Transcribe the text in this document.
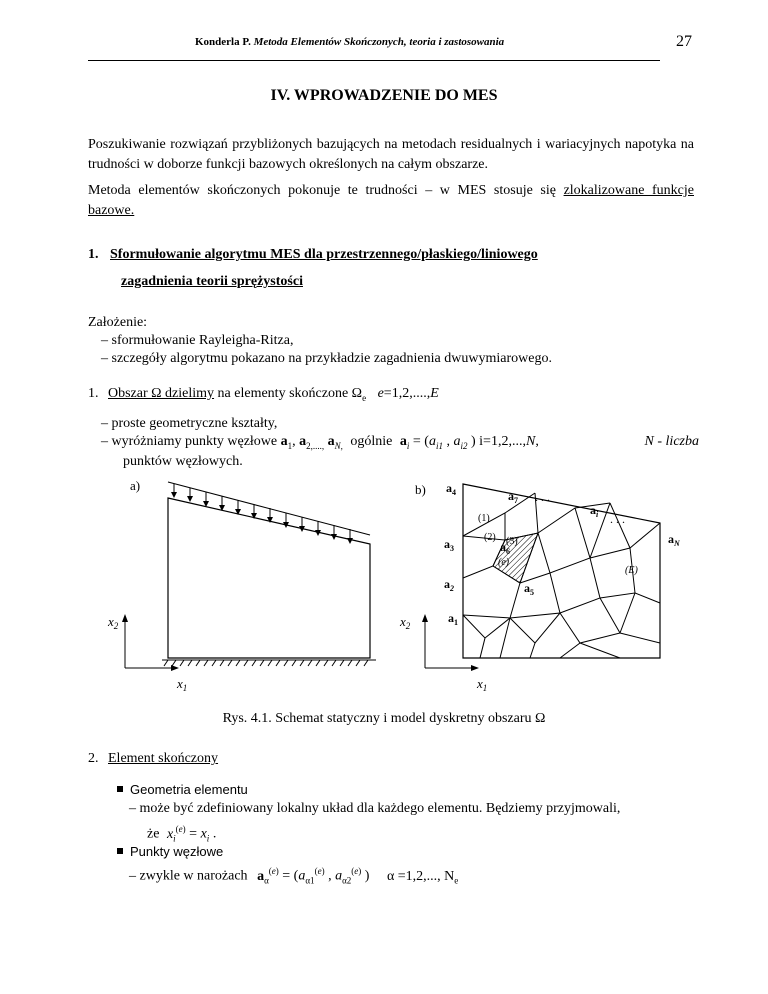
Konderla P. Metoda Elementów Skończonych, teoria i zastosowania	27
IV. WPROWADZENIE DO MES
Poszukiwanie rozwiązań przybliżonych bazujących na metodach residualnych i wariacyjnych napotyka na trudności w doborze funkcji bazowych określonych na całym obszarze.
Metoda elementów skończonych pokonuje te trudności – w MES stosuje się zlokalizowane funkcje bazowe.
1. Sformułowanie algorytmu MES dla przestrzennego/płaskiego/liniowego
zagadnienia teorii sprężystości
Założenie:
– sformułowanie Rayleigha-Ritza,
– szczegóły algorytmu pokazano na przykładzie zagadnienia dwuwymiarowego.
1. Obszar Ω dzielimy na elementy skończone $\Omega_e$ e=1,2,....,E
– proste geometryczne kształty,
– wyróżniamy punkty węzłowe $a_1$, $a_{2,....,}$ $a_{N,}$ ogólnie $a_i = (a_{i1}$ , $a_{i2}$ ) i=1,2,...,N,	N - liczba
punktów węzłowych.
a)
$x_2$
$x_1$
b) $a_4$	$a_7$ . . .
$a_i$ . . .
$a_N$
(1)
$a_3$
(2) (3)
$a_6$
(e)
(E)
$a_2$	$a_5$
$a_1$
$x_2$
$x_1$
Rys. 4.1. Schemat statyczny i model dyskretny obszaru Ω
2. Element skończony
Geometria elementu
– może być zdefiniowany lokalny układ dla każdego elementu. Będziemy przyjmowali,
że $x_i^{(e)} = x_i$ .
Punkty węzłowe
– zwykle w narożach $a_\alpha^{(e)} = (a_{\alpha 1}^{(e)}$ , $a_{\alpha 2}^{(e)}$ ) α =1,2,..., $N_e$
